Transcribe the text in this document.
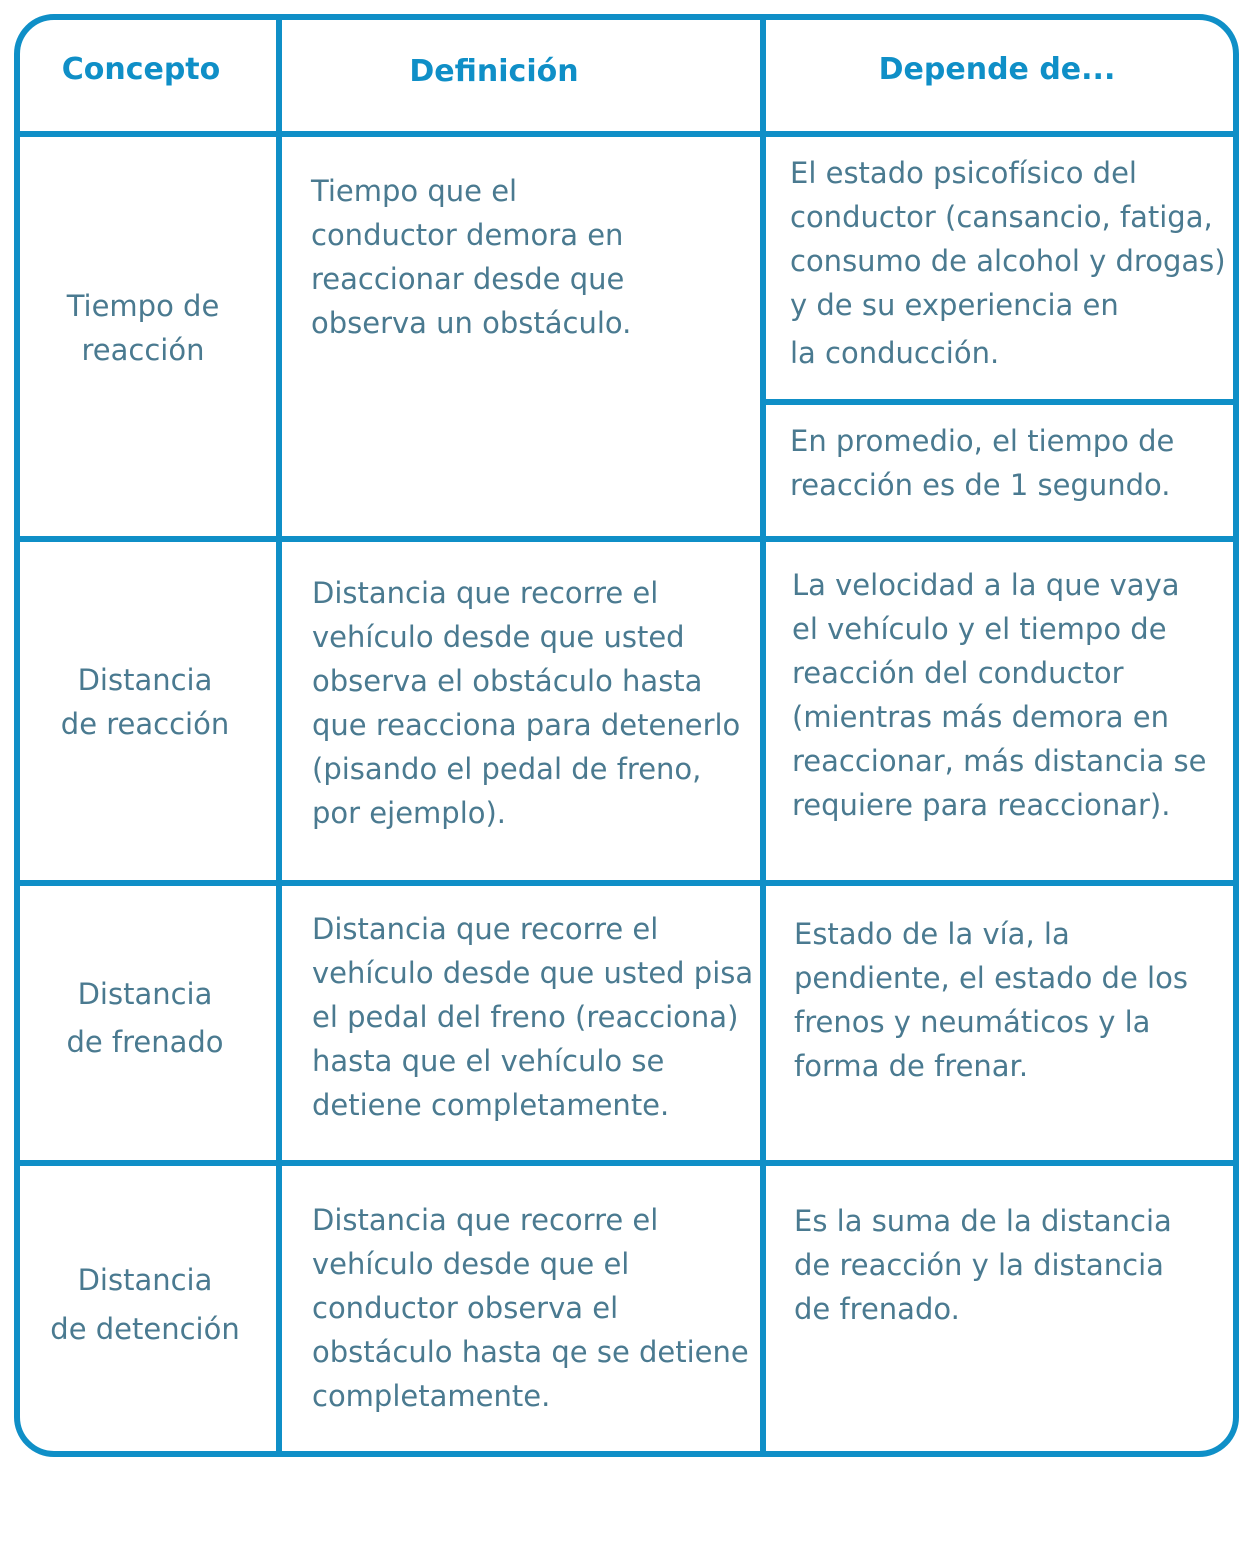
Concepto	Definición	Depende de...
Tiempo de
reacción
Tiempo que el
conductor demora en
reaccionar desde que
observa un obstáculo.
El estado psicofísico del
conductor (cansancio, fatiga,
consumo de alcohol y drogas)
y de su experiencia en
la conducción.
En promedio, el tiempo de
reacción es de 1 segundo.
Distancia
de reacción
Distancia que recorre el
vehículo desde que usted
observa el obstáculo hasta
que reacciona para detenerlo
(pisando el pedal de freno,
por ejemplo).
La velocidad a la que vaya
el vehículo y el tiempo de
reacción del conductor
(mientras más demora en
reaccionar, más distancia se
requiere para reaccionar).
Distancia
de frenado
Distancia que recorre el
vehículo desde que usted pisa
el pedal del freno (reacciona)
hasta que el vehículo se
detiene completamente.
Estado de la vía, la
pendiente, el estado de los
frenos y neumáticos y la
forma de frenar.
Distancia
de detención
Distancia que recorre el
vehículo desde que el
conductor observa el
obstáculo hasta qe se detiene
completamente.
Es la suma de la distancia
de reacción y la distancia
de frenado.
